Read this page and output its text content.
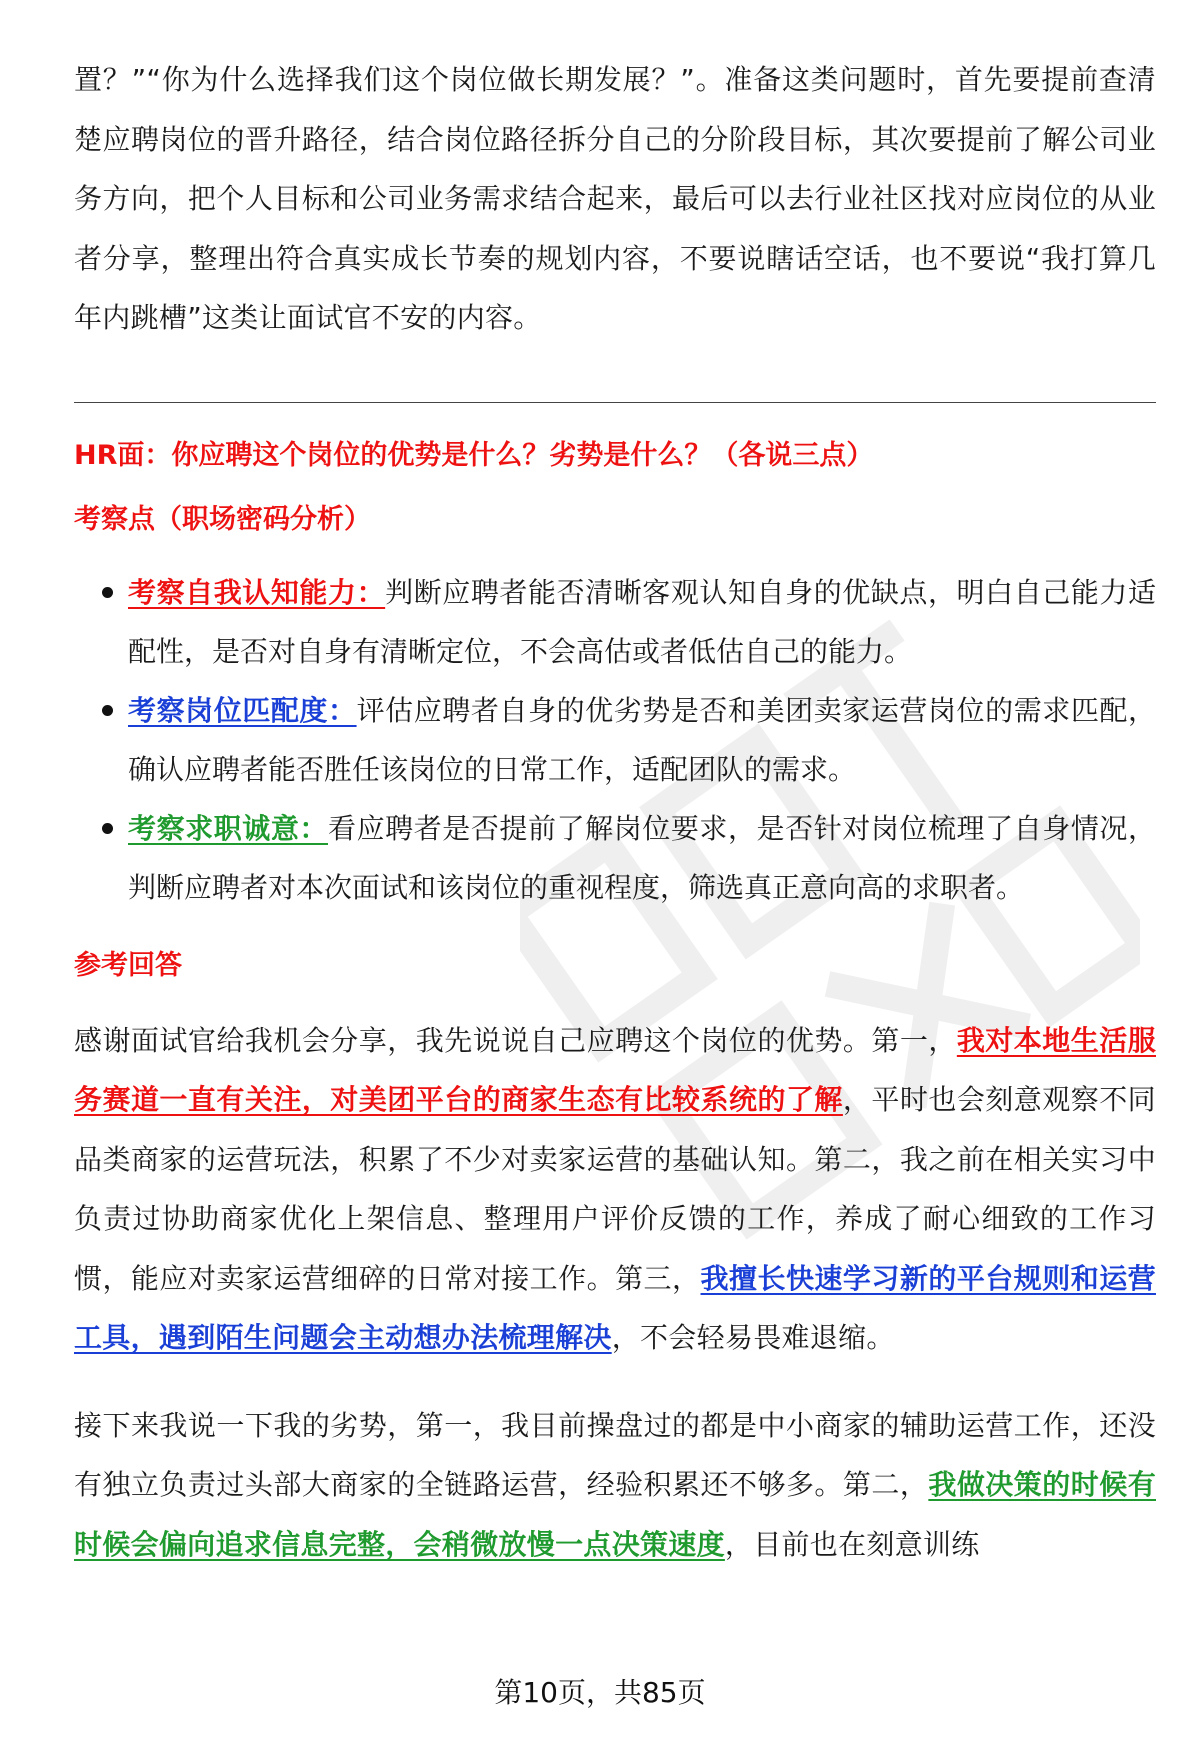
置？”“你为什么选择我们这个岗位做长期发展？”。准备这类问题时，首先要提前查清楚应聘岗位的晋升路径，结合岗位路径拆分自己的分阶段目标，其次要提前了解公司业务方向，把个人目标和公司业务需求结合起来，最后可以去行业社区找对应岗位的从业者分享，整理出符合真实成长节奏的规划内容，不要说瞎话空话，也不要说“我打算几年内跳槽”这类让面试官不安的内容。

HR面：你应聘这个岗位的优势是什么？劣势是什么？（各说三点）
考察点（职场密码分析）
考察自我认知能力：判断应聘者能否清晰客观认知自身的优缺点，明白自己能力适配性，是否对自身有清晰定位，不会高估或者低估自己的能力。
考察岗位匹配度：评估应聘者自身的优劣势是否和美团卖家运营岗位的需求匹配，确认应聘者能否胜任该岗位的日常工作，适配团队的需求。
考察求职诚意：看应聘者是否提前了解岗位要求，是否针对岗位梳理了自身情况，判断应聘者对本次面试和该岗位的重视程度，筛选真正意向高的求职者。
参考回答

感谢面试官给我机会分享，我先说说自己应聘这个岗位的优势。第一，我对本地生活服务赛道一直有关注，对美团平台的商家生态有比较系统的了解，平时也会刻意观察不同品类商家的运营玩法，积累了不少对卖家运营的基础认知。第二，我之前在相关实习中负责过协助商家优化上架信息、整理用户评价反馈的工作，养成了耐心细致的工作习惯，能应对卖家运营细碎的日常对接工作。第三，我擅长快速学习新的平台规则和运营工具，遇到陌生问题会主动想办法梳理解决，不会轻易畏难退缩。

接下来我说一下我的劣势，第一，我目前操盘过的都是中小商家的辅助运营工作，还没有独立负责过头部大商家的全链路运营，经验积累还不够多。第二，我做决策的时候有时候会偏向追求信息完整，会稍微放慢一点决策速度，目前也在刻意训练

第10页，共85页
